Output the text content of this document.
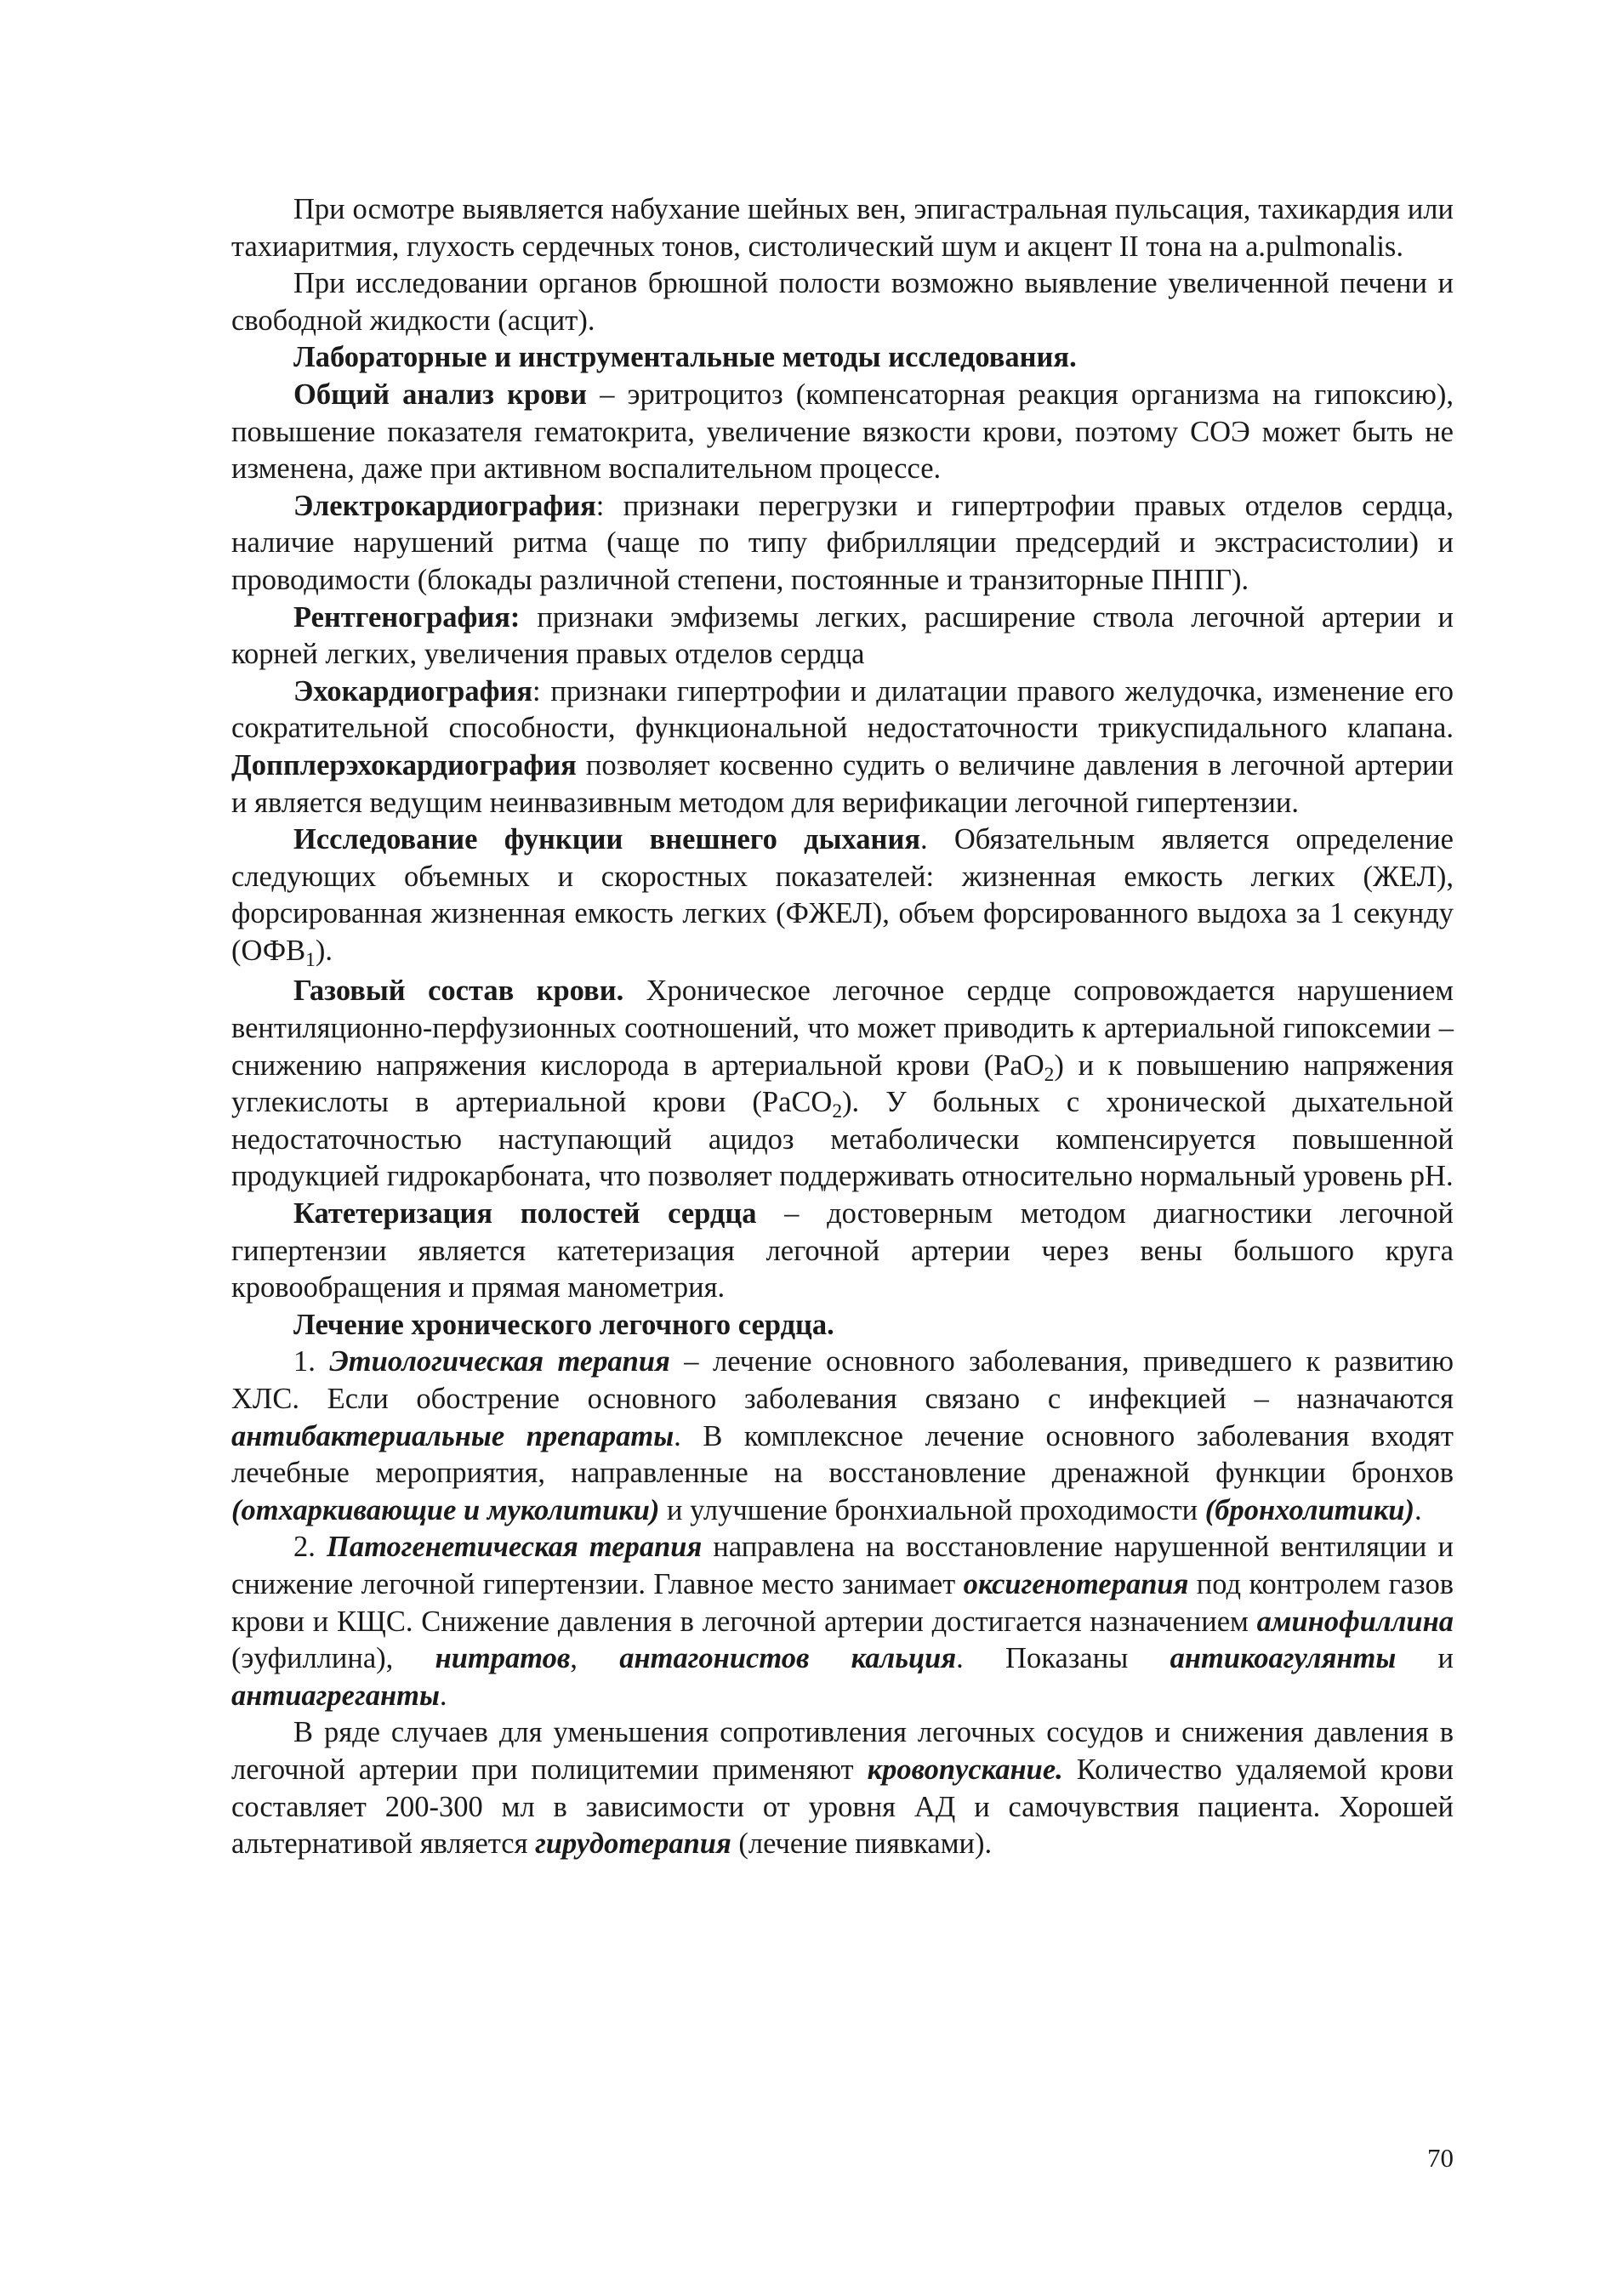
При осмотре выявляется набухание шейных вен, эпигастральная пульсация, тахикардия или тахиаритмия, глухость сердечных тонов, систолический шум и акцент II тона на a.pulmonalis.

При исследовании органов брюшной полости возможно выявление увеличенной печени и свободной жидкости (асцит).

Лабораторные и инструментальные методы исследования.

Общий анализ крови – эритроцитоз (компенсаторная реакция организма на гипоксию), повышение показателя гематокрита, увеличение вязкости крови, поэтому СОЭ может быть не изменена, даже при активном воспалительном процессе.

Электрокардиография: признаки перегрузки и гипертрофии правых отделов сердца, наличие нарушений ритма (чаще по типу фибрилляции предсердий и экстрасистолии) и проводимости (блокады различной степени, постоянные и транзиторные ПНПГ).

Рентгенография: признаки эмфиземы легких, расширение ствола легочной артерии и корней легких, увеличения правых отделов сердца

Эхокардиография: признаки гипертрофии и дилатации правого желудочка, изменение его сократительной способности, функциональной недостаточности трикуспидального клапана. Допплерэхокардиография позволяет косвенно судить о величине давления в легочной артерии и является ведущим неинвазивным методом для верификации легочной гипертензии.

Исследование функции внешнего дыхания. Обязательным является определение следующих объемных и скоростных показателей: жизненная емкость легких (ЖЕЛ), форсированная жизненная емкость легких (ФЖЕЛ), объем форсированного выдоха за 1 секунду $(ОФВ_1)$.

Газовый состав крови. Хроническое легочное сердце сопровождается нарушением вентиляционно-перфузионных соотношений, что может приводить к артериальной гипоксемии – снижению напряжения кислорода в артериальной крови (PaO$_2$) и к повышению напряжения углекислоты в артериальной крови (PaCO$_2$). У больных с хронической дыхательной недостаточностью наступающий ацидоз метаболически компенсируется повышенной продукцией гидрокарбоната, что позволяет поддерживать относительно нормальный уровень pH.

Катетеризация полостей сердца – достоверным методом диагностики легочной гипертензии является катетеризация легочной артерии через вены большого круга кровообращения и прямая манометрия.

Лечение хронического легочного сердца.

1. Этиологическая терапия – лечение основного заболевания, приведшего к развитию ХЛС. Если обострение основного заболевания связано с инфекцией – назначаются антибактериальные препараты. В комплексное лечение основного заболевания входят лечебные мероприятия, направленные на восстановление дренажной функции бронхов (отхаркивающие и муколитики) и улучшение бронхиальной проходимости (бронхолитики).

2. Патогенетическая терапия направлена на восстановление нарушенной вентиляции и снижение легочной гипертензии. Главное место занимает оксигенотерапия под контролем газов крови и КЩС. Снижение давления в легочной артерии достигается назначением аминофиллина (эуфиллина), нитратов, антагонистов кальция. Показаны антикоагулянты и антиагреганты.

В ряде случаев для уменьшения сопротивления легочных сосудов и снижения давления в легочной артерии при полицитемии применяют кровопускание. Количество удаляемой крови составляет 200-300 мл в зависимости от уровня АД и самочувствия пациента. Хорошей альтернативой является гирудотерапия (лечение пиявками).

70
